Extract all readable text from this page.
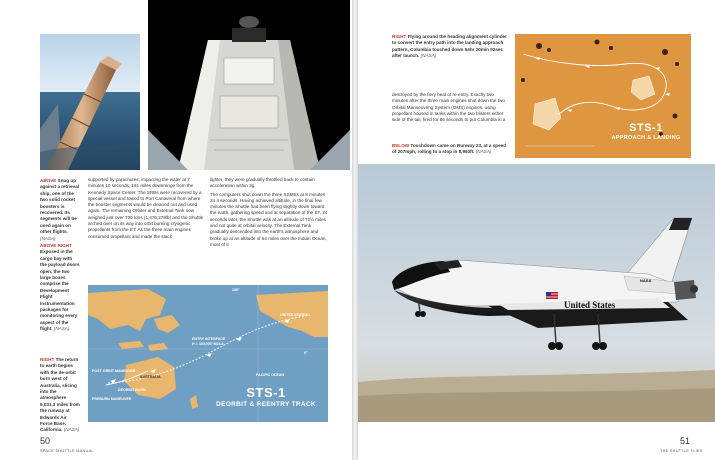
ABOVE Snug up against a retrieval ship, one of the two solid rocket boosters is recovered. Its segments will be used again on other flights. (NASA)
ABOVE RIGHT Exposed in the cargo bay with the payload doors open, the two large boxes comprise the Development Flight Instrumentation packages for monitoring every aspect of the flight. (NASA)
RIGHT The return to earth begins with the de-orbit burn west of Australia, slicing into the atmosphere 5,031.3 miles from the runway at Edwards Air Force Base, California. (NASA)

supported by parachutes, impacting the water at 7 minutes 10 seconds, 161 miles downrange from the Kennedy Space Center. The SRBs were recovered by a special vessel and towed to Port Canaveral from where the booster segments would be cleaned out and used again. The remaining Orbiter and External Tank now weighed just over 700 tons (1,476,278lb) and the Shuttle arched over on its way into orbit burning cryogenic propellants from the ET. As the three main engines consumed propellant and made the stack

lighter, they were gradually throttled back to contain acceleration within 3g.

The computers shut down the three SSMEs at 8 minutes 34.4 seconds. Having achieved altitude, in the final few minutes the Shuttle had been flying slightly down toward the earth, gathering speed and at separation of the ET, 24 seconds later, the Shuttle was at an altitude of 72½ miles and not quite at orbital velocity. The External Tank gradually descended into the earth's atmosphere and broke up at an altitude of 54 miles over the Indian Ocean, most of it

180°
UNITED STATES
ENTRY INTERFACE
H = 400,000' M24.8
0°
PACIFIC OCEAN
POST ORBIT MANEUVER
AUSTRALIA
DEORBIT BURN
PREBURN MANEUVER	STS-1
DEORBIT & REENTRY TRACK
50
SPACE SHUTTLE MANUAL
RIGHT Flying around the heading alignment cylinder to convert the entry path into the landing approach pattern, Columbia touched down 54hr 20min 52sec after launch. (NASA)

destroyed by the fiery heat of re-entry. Exactly two minutes after the three main engines shut down the two Orbital Manoeuvring System (OMS) engines, using propellant housed in tanks within the two blisters either side of the tail, fired for 86 seconds to put Columbia in a

BELOW Touchdown came on Runway 23, at a speed of 207mph, rolling to a stop in 8,993ft. (NASA)
STS-1
APPROACH & LANDING
United States
NASA
51
THE SHUTTLE FLIES
